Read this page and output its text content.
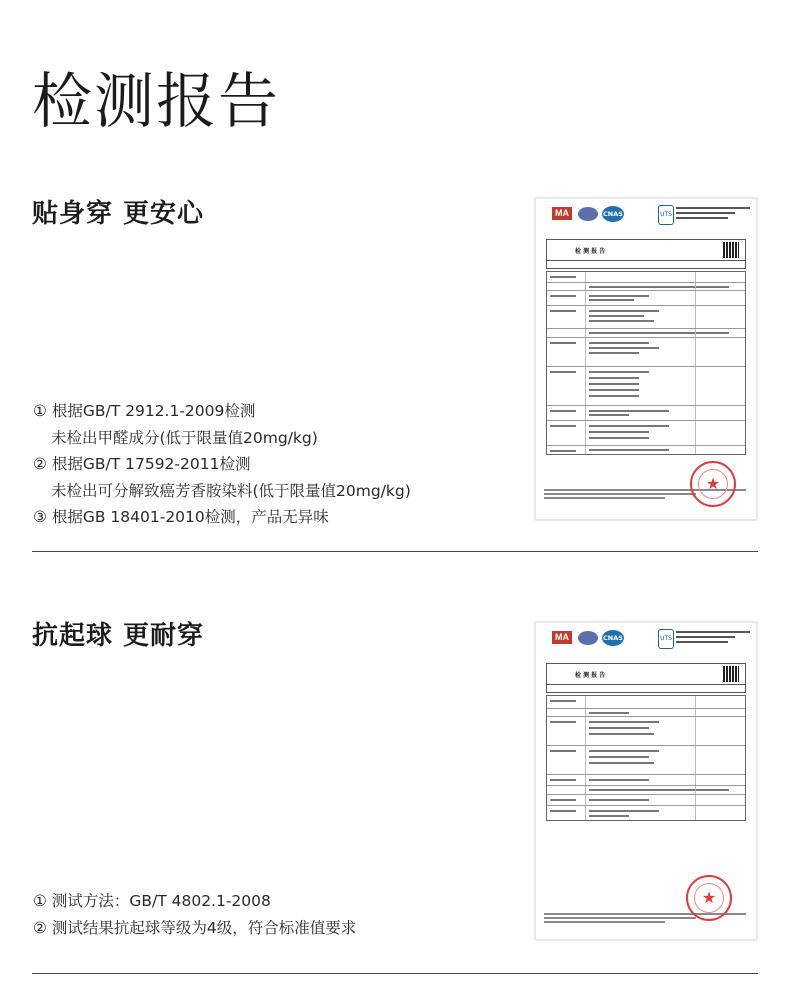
检测报告
贴身穿 更安心	MA	CNAS	UTS
检 测 报 告
★
① 根据GB/T 2912.1-2009检测
未检出甲醛成分(低于限量值20mg/kg)
② 根据GB/T 17592-2011检测
未检出可分解致癌芳香胺染料(低于限量值20mg/kg)
③ 根据GB 18401-2010检测，产品无异味
抗起球 更耐穿	MA	CNAS	UTS
检 测 报 告
★
① 测试方法：GB/T 4802.1-2008
② 测试结果抗起球等级为4级，符合标准值要求
